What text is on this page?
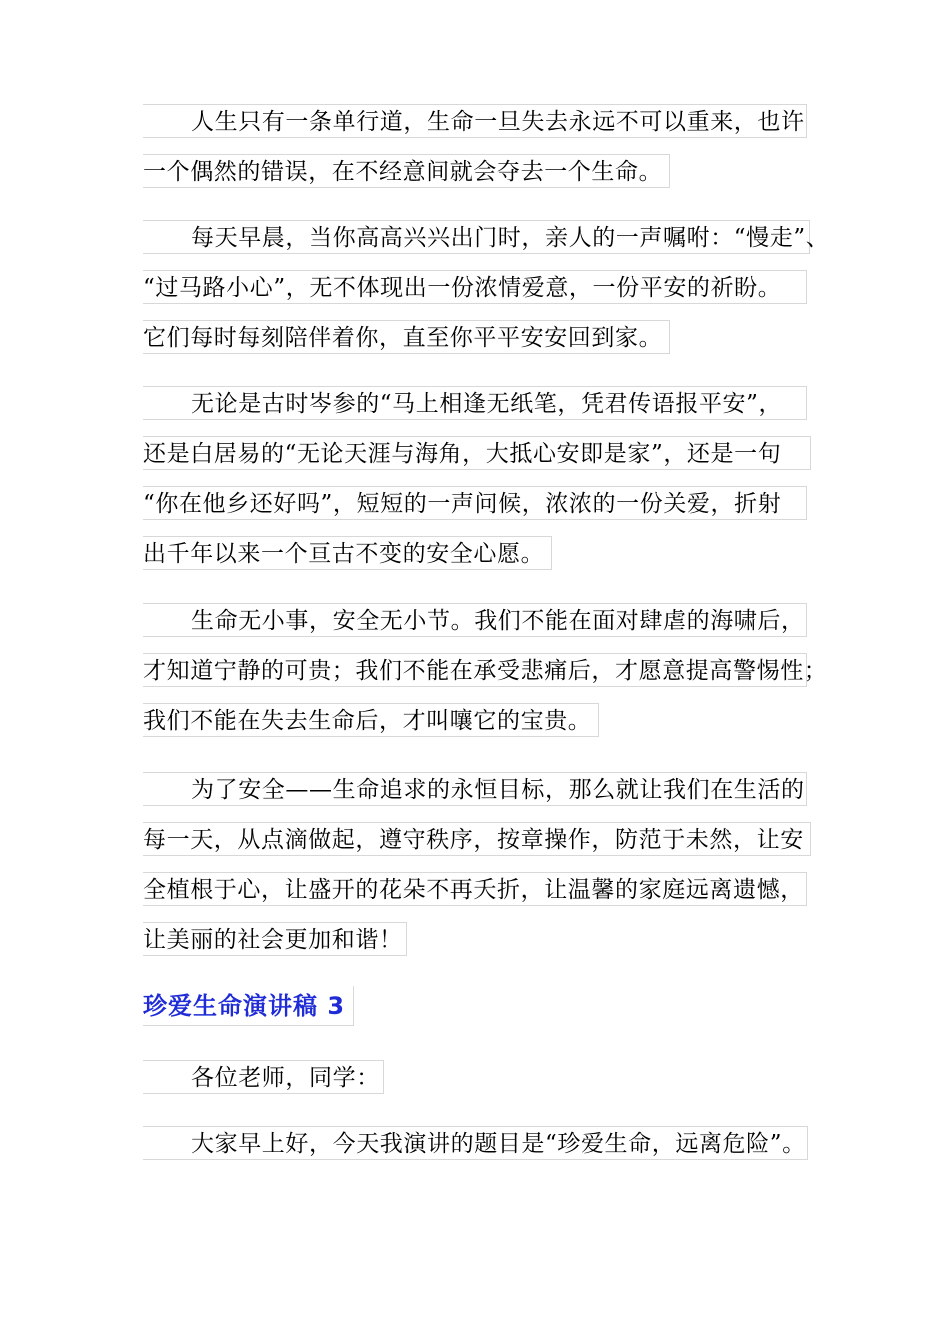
人生只有一条单行道，生命一旦失去永远不可以重来，也许
一个偶然的错误，在不经意间就会夺去一个生命。
每天早晨，当你高高兴兴出门时，亲人的一声嘱咐：“慢走”、
“过马路小心”，无不体现出一份浓情爱意，一份平安的祈盼。
它们每时每刻陪伴着你，直至你平平安安回到家。
无论是古时岑参的“马上相逢无纸笔，凭君传语报平安”，
还是白居易的“无论天涯与海角，大抵心安即是家”，还是一句
“你在他乡还好吗”，短短的一声问候，浓浓的一份关爱，折射
出千年以来一个亘古不变的安全心愿。
生命无小事，安全无小节。我们不能在面对肆虐的海啸后，
才知道宁静的可贵；我们不能在承受悲痛后，才愿意提高警惕性；
我们不能在失去生命后，才叫嚷它的宝贵。
为了安全——生命追求的永恒目标，那么就让我们在生活的
每一天，从点滴做起，遵守秩序，按章操作，防范于未然，让安
全植根于心，让盛开的花朵不再夭折，让温馨的家庭远离遗憾，
让美丽的社会更加和谐！
珍爱生命演讲稿 3
各位老师，同学：
大家早上好，今天我演讲的题目是“珍爱生命，远离危险”。
